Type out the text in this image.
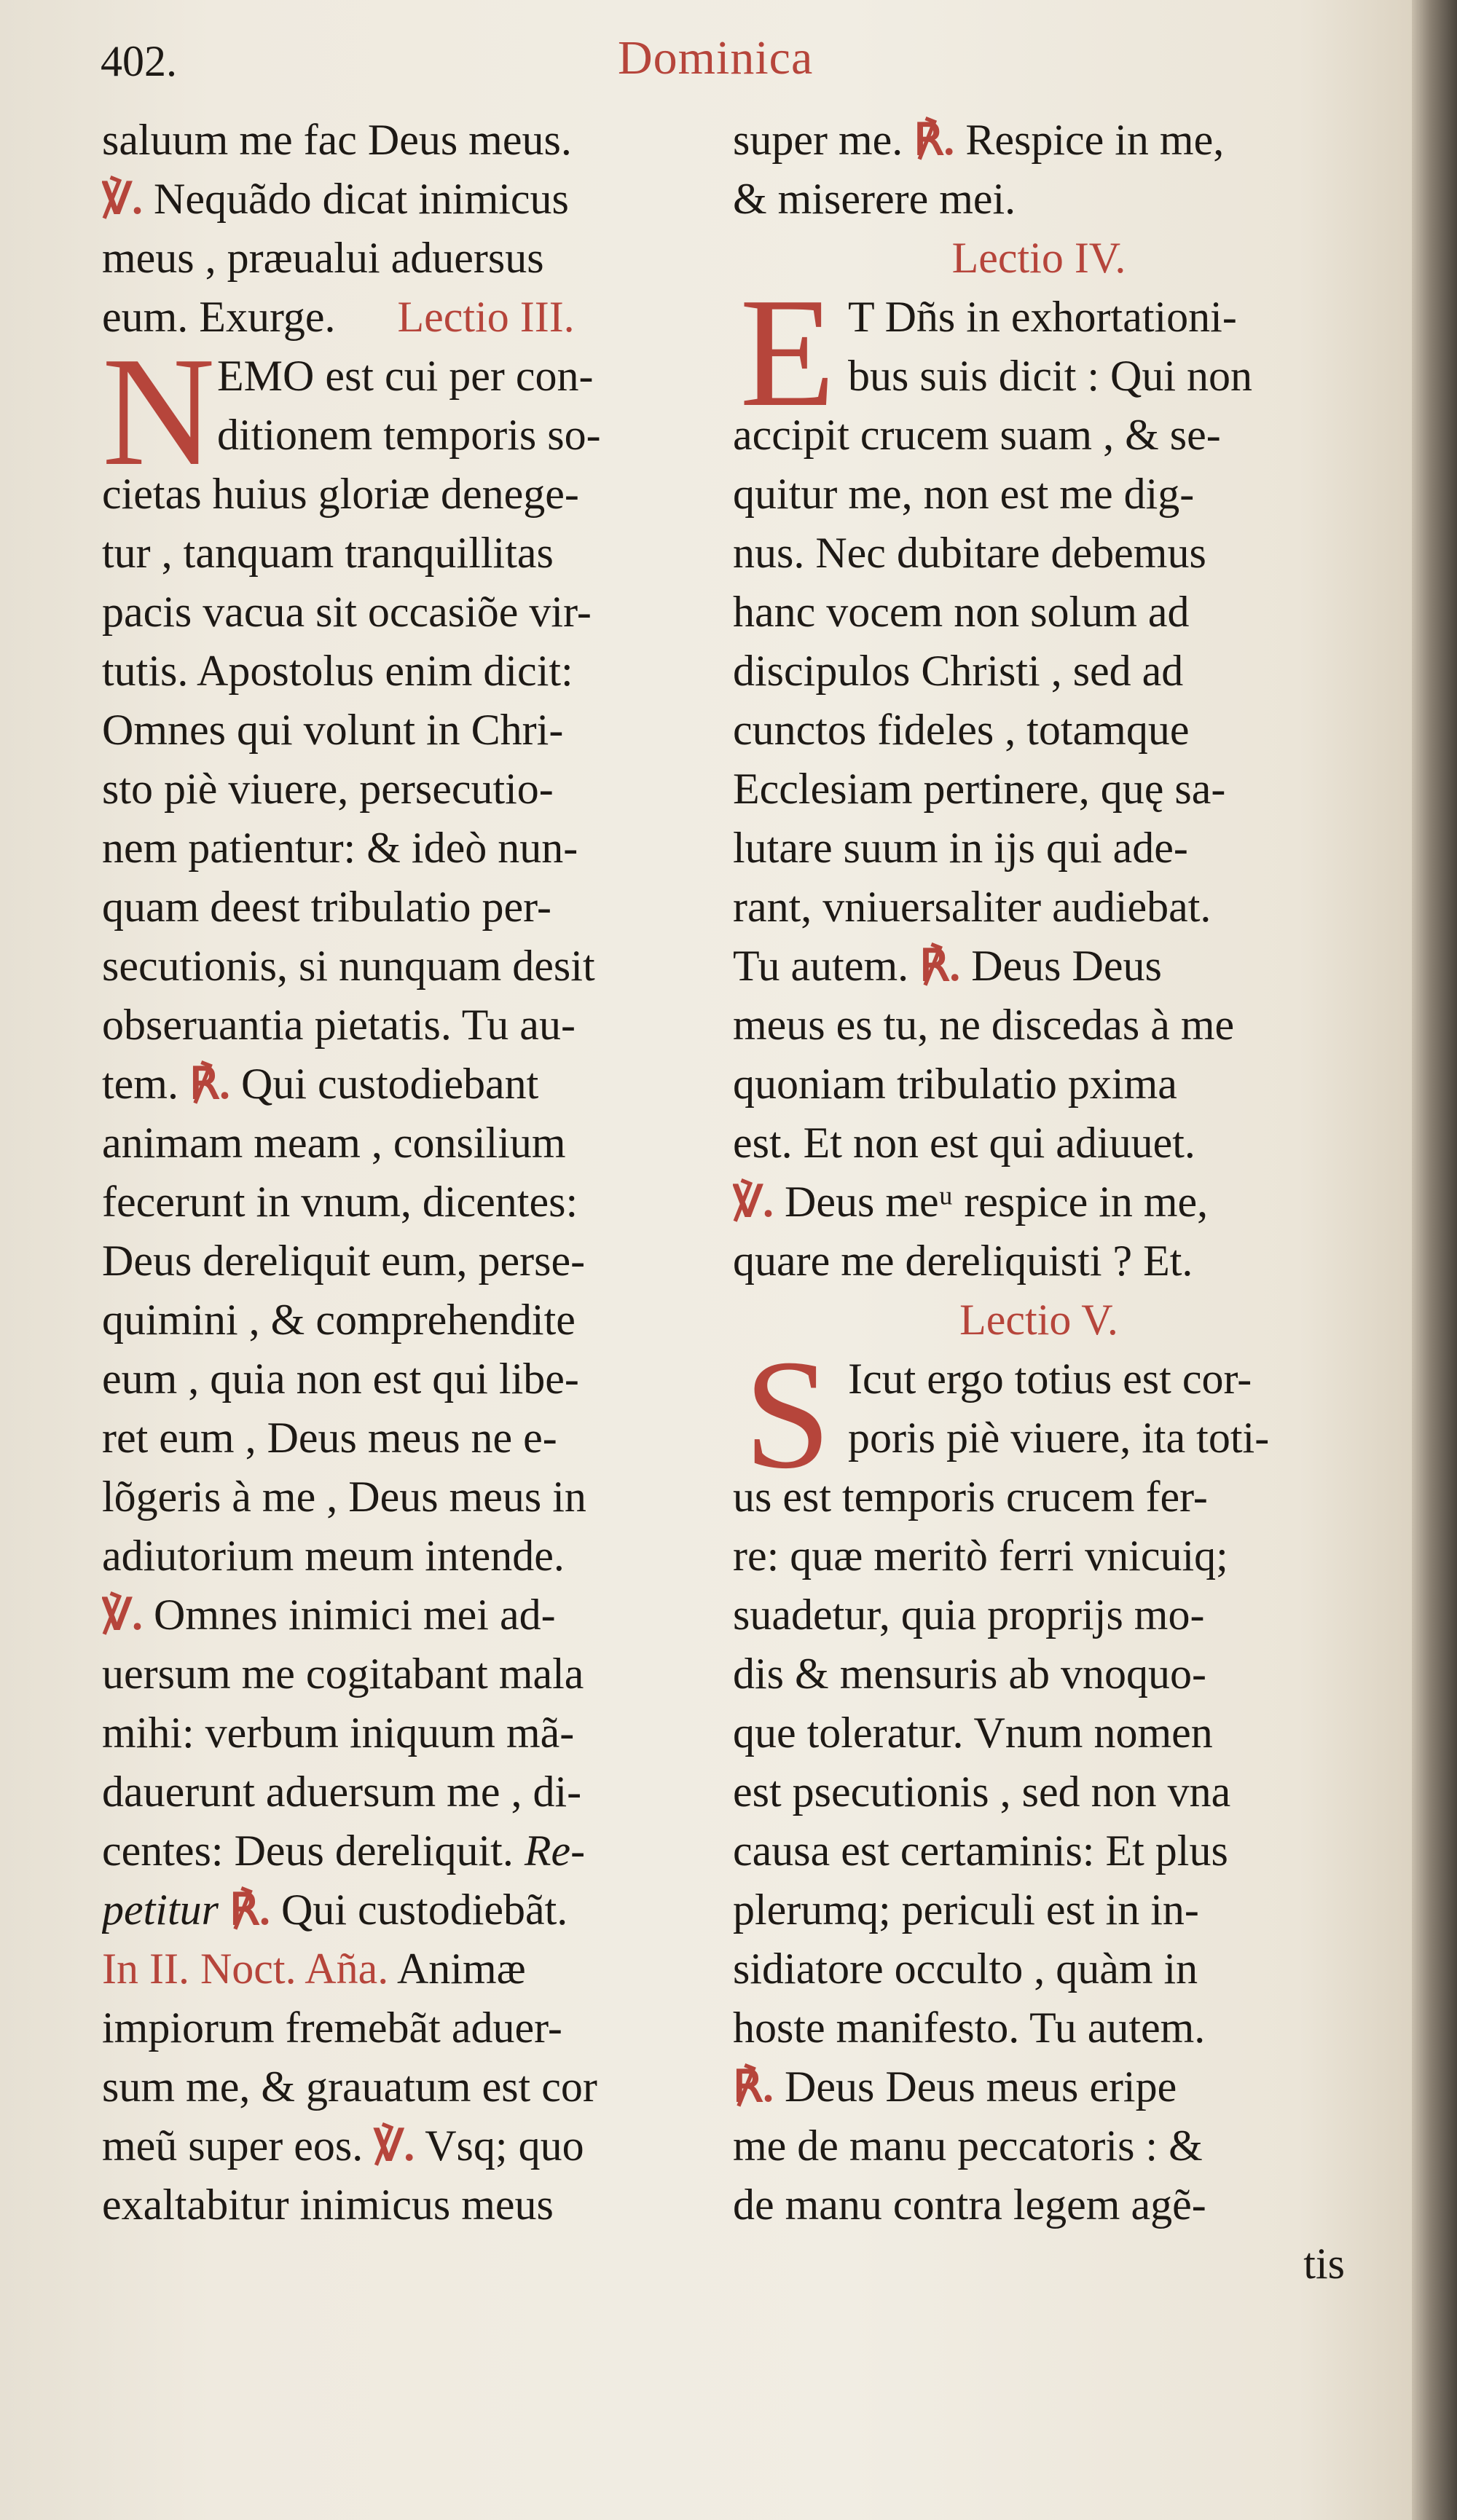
402.	Dominica
saluum me fac Deus meus.
℣. Nequãdo dicat inimicus
meus , præualui aduersus
eum. Exurge. Lectio III.
N EMO est cui per con-
ditionem temporis so-
cietas huius gloriæ denege-
tur , tanquam tranquillitas
pacis vacua sit occasiõe vir-
tutis. Apostolus enim dicit:
Omnes qui volunt in Chri-
sto piè viuere, persecutio-
nem patientur: & ideò nun-
quam deest tribulatio per-
secutionis, si nunquam desit
obseruantia pietatis. Tu au-
tem. ℟. Qui custodiebant
animam meam , consilium
fecerunt in vnum, dicentes:
Deus dereliquit eum, perse-
quimini , & comprehendite
eum , quia non est qui libe-
ret eum , Deus meus ne e-
lõgeris à me , Deus meus in
adiutorium meum intende.
℣. Omnes inimici mei ad-
uersum me cogitabant mala
mihi: verbum iniquum mã-
dauerunt aduersum me , di-
centes: Deus dereliquit. Re-
petitur ℟. Qui custodiebãt.
In II. Noct. Aña. Animæ
impiorum fremebãt aduer-
sum me, & grauatum est cor
meũ super eos. ℣. Vsq; quo
exaltabitur inimicus meus
super me. ℟. Respice in me,
& miserere mei.
Lectio IV.
E T Dñs in exhortationi-
bus suis dicit : Qui non
accipit crucem suam , & se-
quitur me, non est me dig-
nus. Nec dubitare debemus
hanc vocem non solum ad
discipulos Christi , sed ad
cunctos fideles , totamque
Ecclesiam pertinere, quę sa-
lutare suum in ijs qui ade-
rant, vniuersaliter audiebat.
Tu autem. ℟. Deus Deus
meus es tu, ne discedas à me
quoniam tribulatio pxima
est. Et non est qui adiuuet.
℣. Deus meᵘ respice in me,
quare me dereliquisti ? Et.
Lectio V.
S Icut ergo totius est cor-
poris piè viuere, ita toti-
us est temporis crucem fer-
re: quæ meritò ferri vnicuiq;
suadetur, quia proprijs mo-
dis & mensuris ab vnoquo-
que toleratur. Vnum nomen
est psecutionis , sed non vna
causa est certaminis: Et plus
plerumq; periculi est in in-
sidiatore occulto , quàm in
hoste manifesto. Tu autem.
℟. Deus Deus meus eripe
me de manu peccatoris : &
de manu contra legem agẽ-
tis
